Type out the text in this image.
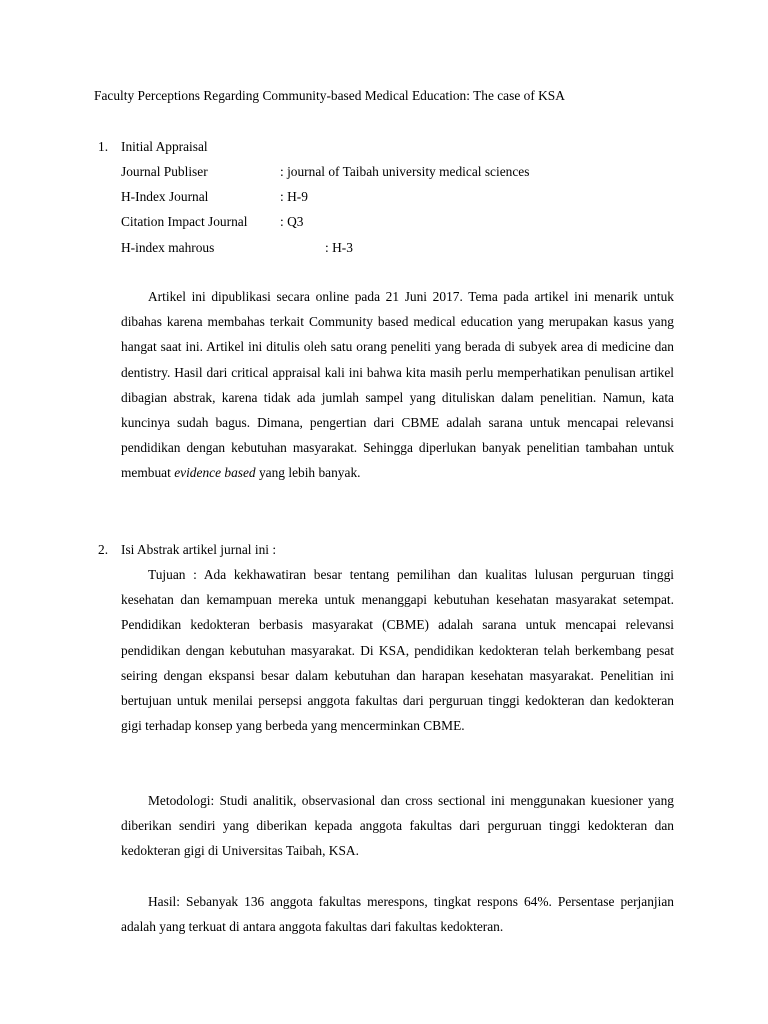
Faculty Perceptions Regarding Community-based Medical Education: The case of KSA
1. Initial Appraisal
Journal Publiser	: journal of Taibah university medical sciences
H-Index Journal	: H-9
Citation Impact Journal : Q3
H-index mahrous	: H-3

Artikel ini dipublikasi secara online pada 21 Juni 2017. Tema pada artikel ini menarik untuk dibahas karena membahas terkait Community based medical education yang merupakan kasus yang hangat saat ini. Artikel ini ditulis oleh satu orang peneliti yang berada di subyek area di medicine dan dentistry. Hasil dari critical appraisal kali ini bahwa kita masih perlu memperhatikan penulisan artikel dibagian abstrak, karena tidak ada jumlah sampel yang dituliskan dalam penelitian. Namun, kata kuncinya sudah bagus. Dimana, pengertian dari CBME adalah sarana untuk mencapai relevansi pendidikan dengan kebutuhan masyarakat. Sehingga diperlukan banyak penelitian tambahan untuk membuat evidence based yang lebih banyak.

2. Isi Abstrak artikel jurnal ini :

Tujuan : Ada kekhawatiran besar tentang pemilihan dan kualitas lulusan perguruan tinggi kesehatan dan kemampuan mereka untuk menanggapi kebutuhan kesehatan masyarakat setempat. Pendidikan kedokteran berbasis masyarakat (CBME) adalah sarana untuk mencapai relevansi pendidikan dengan kebutuhan masyarakat. Di KSA, pendidikan kedokteran telah berkembang pesat seiring dengan ekspansi besar dalam kebutuhan dan harapan kesehatan masyarakat. Penelitian ini bertujuan untuk menilai persepsi anggota fakultas dari perguruan tinggi kedokteran dan kedokteran gigi terhadap konsep yang berbeda yang mencerminkan CBME.

Metodologi: Studi analitik, observasional dan cross sectional ini menggunakan kuesioner yang diberikan sendiri yang diberikan kepada anggota fakultas dari perguruan tinggi kedokteran dan kedokteran gigi di Universitas Taibah, KSA.

Hasil: Sebanyak 136 anggota fakultas merespons, tingkat respons 64%. Persentase perjanjian adalah yang terkuat di antara anggota fakultas dari fakultas kedokteran.
